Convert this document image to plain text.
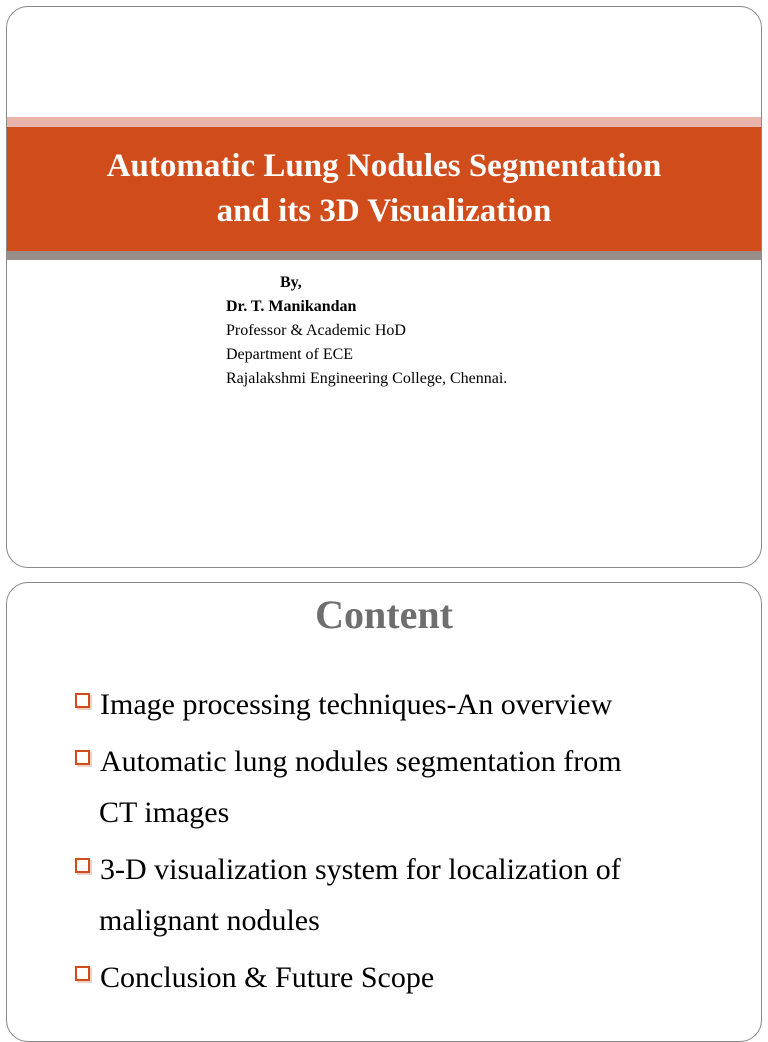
Automatic Lung Nodules Segmentation
and its 3D Visualization
By,
Dr. T. Manikandan
Professor & Academic HoD
Department of ECE
Rajalakshmi Engineering College, Chennai.
Content
Image processing techniques-An overview
Automatic lung nodules segmentation from
CT images
3-D visualization system for localization of
malignant nodules
Conclusion & Future Scope
